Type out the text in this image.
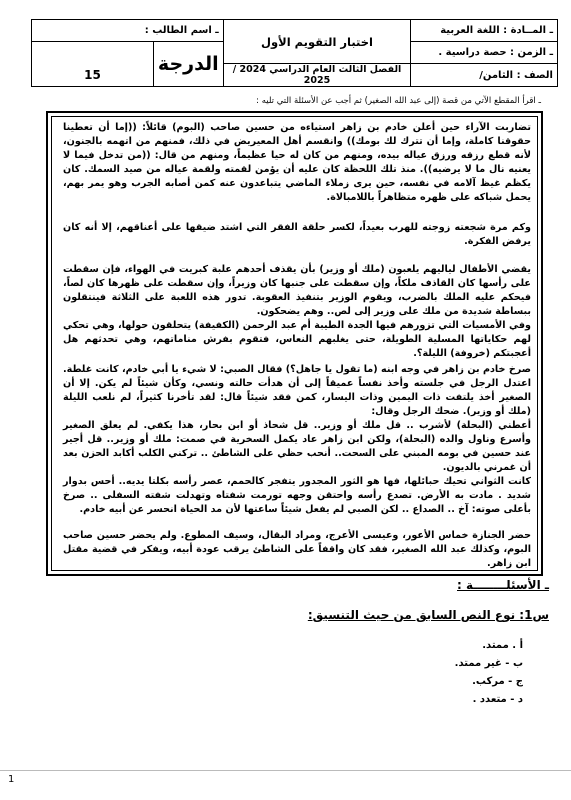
ـ المــادة : اللغة العربية	اختبار التقويم الأول	ـ اسم الطالب :	
ـ الزمن : حصة دراسية .		الدرجة	
الصف : الثامن/	الفصل الثالث العام الدراسي 2024 / 2025		15
ـ اقرأ المقطع الآتي من قصة (إلى عبد الله الصغير) ثم أجب عن الأسئلة التي تليه :

تضاربت الآراء حين أعلن خادم بن زاهر استياءه من حسين صاحب (البوم) قائلاً: ((إما أن تعطينا حقوقنا كاملة، وإما أن تترك لك بومك)) وانقسم أهل المعيريض في ذلك، فمنهم من اتهمه بالجنون، لأنه قطع رزقه ورزق عياله بيده، ومنهم من كان له حيا عظيماً، ومنهم من قال: ((من تدخل فيما لا يعنيه نال ما لا يرضيه)). منذ تلك اللحظة كان عليه أن يؤمن لقمته ولقمة عياله من صيد السمك. كان يكظم غيظ آلامه في نفسه، حين يرى زملاء الماضي يتباعدون عنه كمن أصابه الجرب وهو يمر بهم، يحمل شباكه على ظهره متظاهراً باللامبالاة.

وكم مرة شجعته زوجته للهرب بعيداً، لكسر حلقة الفقر التي اشتد ضيقها على أعناقهم، إلا أنه كان يرفض الفكرة.

يقضي الأطفال لياليهم يلعبون (ملك أو وزير) بأن يقذف أحدهم علبة كبريت في الهواء، فإن سقطت على رأسها كان القاذف ملكاً، وإن سقطت على جنبها كان وزيراً، وإن سقطت على ظهرها كان لصاً، فيحكم عليه الملك بالضرب، ويقوم الوزير بتنفيذ العقوبة. تدور هذه اللعبة على الثلاثة فينتقلون ببساطة شديدة من ملك على وزير إلى لص.. وهم يضحكون.

وفي الأمسيات التي تزورهم فيها الجدة الطيبة أم عبد الرحمن (الكفيفة) يتحلقون حولها، وهي تحكي لهم حكاياتها المسلية الطويلة، حتى يغلبهم النعاس، فتقوم بفرش مناماتهم، وهي تحدثهم هل أعجبتكم (خروفة) الليلة؟.

صرخ خادم بن زاهر في وجه ابنه (ما تقول يا جاهل؟) فقال الصبي: لا شيء يا أبي خادم، كانت غلطة. اعتدل الرجل في جلسته وأخذ نفساً عميقاً إلى أن هدأت حالته ونسي، وكأن شيئاً لم يكن. إلا أن الصغير أخذ يلتفت ذات اليمين وذات اليسار، كمن فقد شيئاً قال: لقد تأخرنا كثيراً، لم نلعب الليلة (ملك أو وزير). ضحك الرجل وقال:

أعطني (البحلة) لأشرب .. قل ملك أو وزير.. قل شحاذ أو ابن بحار، هذا يكفي. لم يعلق الصغير وأسرع وناول والده (البحلة)، ولكن ابن زاهر عاد يكمل السخرية في صمت: ملك أو وزير.. قل أجير عند حسين في بومه المبني على السحت.. أنحب حظي على الشاطئ .. تركني الكلب أكابد الحزن بعد أن غمرني بالديون.

كانت الثواني تحيك حبائلها، فها هو الثور المجدور يتفجر كالحمم، عصر رأسه بكلتا يديه.. أحس بدوار شديد . مادت به الأرض. تصدع رأسه واحتقن وجهه تورمت شفتاه وتهدلت شفته السفلى .. صرخ بأعلى صوته: آخ .. الصداع .. لكن الصبي لم يفعل شيئاً ساعتها لأن مد الحياة انحسر عن أبيه خادم.

حضر الجنازة خماس الأعور، وعيسى الأعرج، ومراد البقال، وسيف المطوع. ولم يحضر حسين صاحب البوم، وكذلك عبد الله الصغير، فقد كان واقفاً على الشاطئ يرقب عودة أبيه، ويفكر في قضية مقتل ابن زاهر.

ـ الأسئلــــــــة :
س1: نوع النص السابق من حيث التنسيق:
أ . ممتد.
ب - غير ممتد.
ج - مركب.
د - متعدد .
1
